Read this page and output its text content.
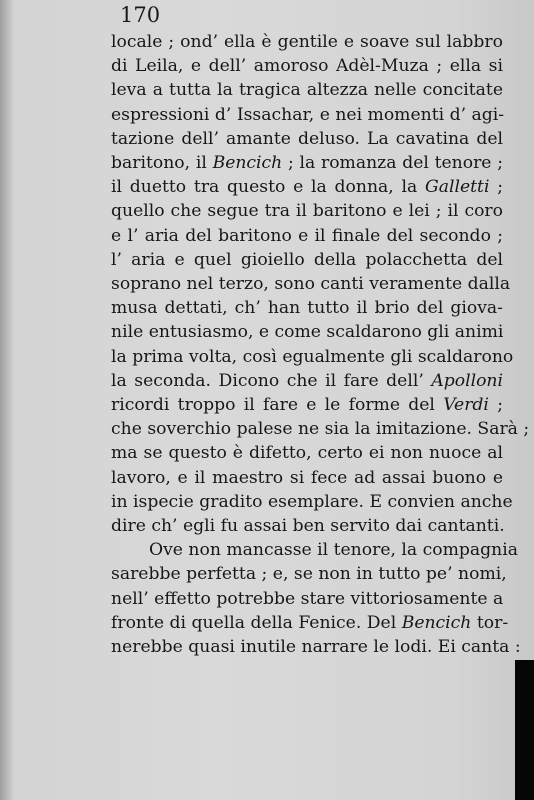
170
locale ; ond’ ella è gentile e soave sul labbro
di Leila, e dell’ amoroso Adèl-Muza ; ella si
leva a tutta la tragica altezza nelle concitate
espressioni d’ Issachar, e nei momenti d’ agi-
tazione dell’ amante deluso. La cavatina del
baritono, il Bencich ; la romanza del tenore ;
il duetto tra questo e la donna, la Galletti ;
quello che segue tra il baritono e lei ; il coro
e l’ aria del baritono e il finale del secondo ;
l’ aria e quel gioiello della polacchetta del
soprano nel terzo, sono canti veramente dalla
musa dettati, ch’ han tutto il brio del giova-
nile entusiasmo, e come scaldarono gli animi
la prima volta, così egualmente gli scaldarono
la seconda. Dicono che il fare dell’ Apolloni
ricordi troppo il fare e le forme del Verdi ;
che soverchio palese ne sia la imitazione. Sarà ;
ma se questo è difetto, certo ei non nuoce al
lavoro, e il maestro si fece ad assai buono e
in ispecie gradito esemplare. E convien anche
dire ch’ egli fu assai ben servito dai cantanti.
Ove non mancasse il tenore, la compagnia
sarebbe perfetta ; e, se non in tutto pe’ nomi,
nell’ effetto potrebbe stare vittoriosamente a
fronte di quella della Fenice. Del Bencich tor-
nerebbe quasi inutile narrare le lodi. Ei canta :
